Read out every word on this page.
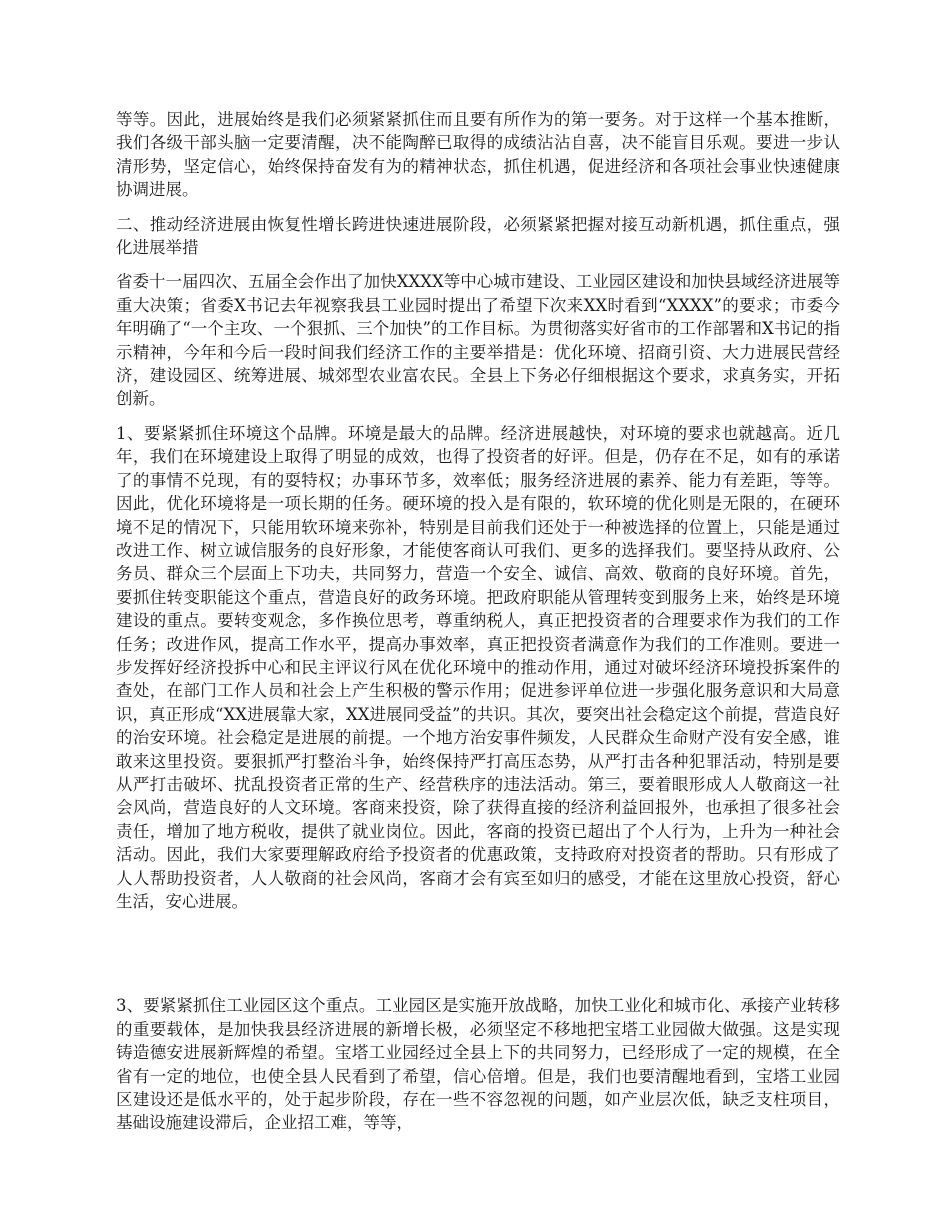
等等。因此，进展始终是我们必须紧紧抓住而且要有所作为的第一要务。对于这样一个基本推断，我们各级干部头脑一定要清醒，决不能陶醉已取得的成绩沾沾自喜，决不能盲目乐观。要进一步认清形势，坚定信心，始终保持奋发有为的精神状态，抓住机遇，促进经济和各项社会事业快速健康协调进展。

二、推动经济进展由恢复性增长跨进快速进展阶段，必须紧紧把握对接互动新机遇，抓住重点，强化进展举措

省委十一届四次、五届全会作出了加快XXXX等中心城市建设、工业园区建设和加快县域经济进展等重大决策；省委X书记去年视察我县工业园时提出了希望下次来XX时看到“XXXX”的要求；市委今年明确了“一个主攻、一个狠抓、三个加快”的工作目标。为贯彻落实好省市的工作部署和X书记的指示精神，今年和今后一段时间我们经济工作的主要举措是：优化环境、招商引资、大力进展民营经济，建设园区、统筹进展、城郊型农业富农民。全县上下务必仔细根据这个要求，求真务实，开拓创新。

1、要紧紧抓住环境这个品牌。环境是最大的品牌。经济进展越快，对环境的要求也就越高。近几年，我们在环境建设上取得了明显的成效，也得了投资者的好评。但是，仍存在不足，如有的承诺了的事情不兑现，有的耍特权；办事环节多，效率低；服务经济进展的素养、能力有差距，等等。因此，优化环境将是一项长期的任务。硬环境的投入是有限的，软环境的优化则是无限的，在硬环境不足的情况下，只能用软环境来弥补，特别是目前我们还处于一种被选择的位置上，只能是通过改进工作、树立诚信服务的良好形象，才能使客商认可我们、更多的选择我们。要坚持从政府、公务员、群众三个层面上下功夫，共同努力，营造一个安全、诚信、高效、敬商的良好环境。首先，要抓住转变职能这个重点，营造良好的政务环境。把政府职能从管理转变到服务上来，始终是环境建设的重点。要转变观念，多作换位思考，尊重纳税人，真正把投资者的合理要求作为我们的工作任务；改进作风，提高工作水平，提高办事效率，真正把投资者满意作为我们的工作准则。要进一步发挥好经济投拆中心和民主评议行风在优化环境中的推动作用，通过对破坏经济环境投拆案件的查处，在部门工作人员和社会上产生积极的警示作用；促进参评单位进一步强化服务意识和大局意识，真正形成“XX进展靠大家，XX进展同受益”的共识。其次，要突出社会稳定这个前提，营造良好的治安环境。社会稳定是进展的前提。一个地方治安事件频发，人民群众生命财产没有安全感，谁敢来这里投资。要狠抓严打整治斗争，始终保持严打高压态势，从严打击各种犯罪活动，特别是要从严打击破坏、扰乱投资者正常的生产、经营秩序的违法活动。第三，要着眼形成人人敬商这一社会风尚，营造良好的人文环境。客商来投资，除了获得直接的经济利益回报外，也承担了很多社会责任，增加了地方税收，提供了就业岗位。因此，客商的投资已超出了个人行为，上升为一种社会活动。因此，我们大家要理解政府给予投资者的优惠政策，支持政府对投资者的帮助。只有形成了人人帮助投资者，人人敬商的社会风尚，客商才会有宾至如归的感受，才能在这里放心投资，舒心生活，安心进展。

3、要紧紧抓住工业园区这个重点。工业园区是实施开放战略，加快工业化和城市化、承接产业转移的重要载体，是加快我县经济进展的新增长极，必须坚定不移地把宝塔工业园做大做强。这是实现铸造德安进展新辉煌的希望。宝塔工业园经过全县上下的共同努力，已经形成了一定的规模，在全省有一定的地位，也使全县人民看到了希望，信心倍增。但是，我们也要清醒地看到，宝塔工业园区建设还是低水平的，处于起步阶段，存在一些不容忽视的问题，如产业层次低，缺乏支柱项目，基础设施建设滞后，企业招工难，等等，
